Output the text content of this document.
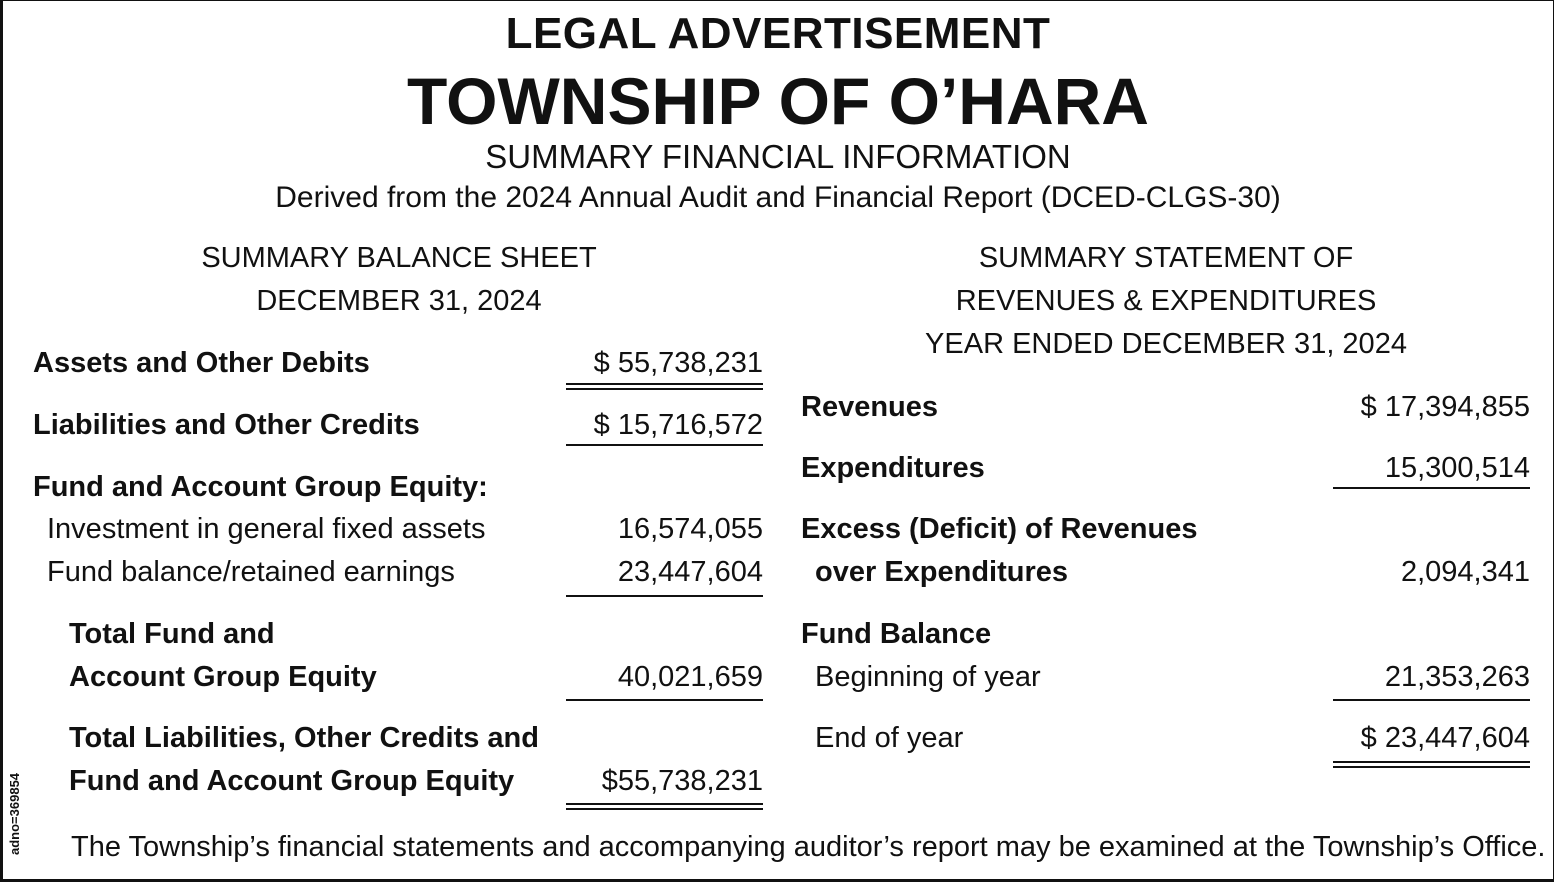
LEGAL ADVERTISEMENT
TOWNSHIP OF O’HARA
SUMMARY FINANCIAL INFORMATION
Derived from the 2024 Annual Audit and Financial Report (DCED-CLGS-30)
SUMMARY BALANCE SHEET
DECEMBER 31, 2024
Assets and Other Debits	$ 55,738,231
Liabilities and Other Credits	$ 15,716,572
Fund and Account Group Equity:
Investment in general fixed assets	16,574,055
Fund balance/retained earnings	23,447,604
Total Fund and
Account Group Equity	40,021,659
Total Liabilities, Other Credits and
Fund and Account Group Equity	$55,738,231
SUMMARY STATEMENT OF
REVENUES & EXPENDITURES
YEAR ENDED DECEMBER 31, 2024
Revenues	$ 17,394,855
Expenditures	15,300,514
Excess (Deficit) of Revenues
over Expenditures	2,094,341
Fund Balance
Beginning of year	21,353,263
End of year	$ 23,447,604
adno=369854 The Township’s financial statements and accompanying auditor’s report may be examined at the Township’s Office.
